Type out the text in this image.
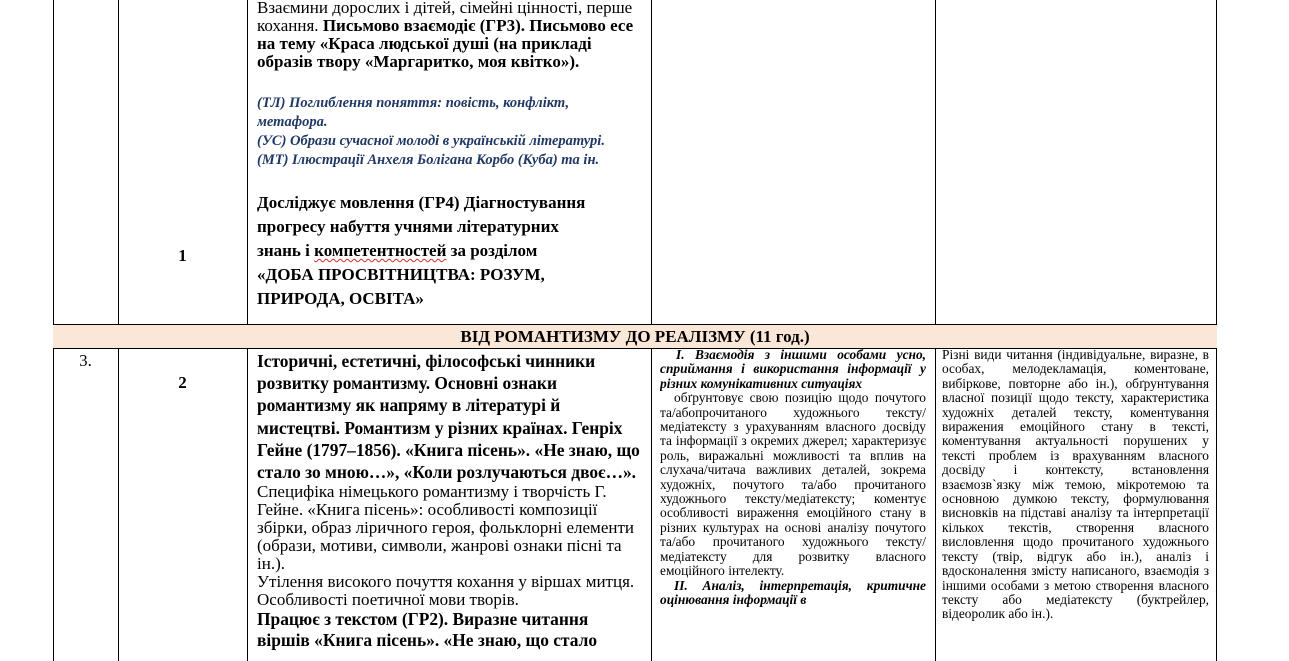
1

Взаємини дорослих і дітей, сімейні цінності, перше кохання. Письмово взаємодіє (ГР3). Письмово есе на тему «Краса людської душі (на прикладі образів твору «Маргаритко, моя квітко»).

(ТЛ) Поглиблення поняття: повість, конфлікт,

метафора.

(УС) Образи сучасної молоді в українській літературі.

(МТ) Ілюстрації Анхеля Болігана Корбо (Куба) та ін.

Досліджує мовлення (ГР4) Діагностування
прогресу набуття учнями літературних
знань і компетентностей за розділом
«ДОБА ПРОСВІТНИЦТВА: РОЗУМ,
ПРИРОДА, ОСВІТА»
ВІД РОМАНТИЗМУ ДО РЕАЛІЗМУ (11 год.)
3.
2

Історичні, естетичні, філософські чинники розвитку романтизму. Основні ознаки романтизму як напряму в літературі й мистецтві. Романтизм у різних країнах. Генріх Гейне (1797–1856). «Книга пісень». «Не знаю, що стало зо мною…», «Коли розлучаються двоє…».

Специфіка німецького романтизму і творчість Г. Гейне. «Книга пісень»: особливості композиції збірки, образ ліричного героя, фольклорні елементи (образи, мотиви, символи, жанрові ознаки пісні та ін.).

Утілення високого почуття кохання у віршах митця. Особливості поетичної мови творів.

Працює з текстом (ГР2). Виразне читання віршів «Книга пісень». «Не знаю, що стало

І. Взаємодія з іншими особами усно, сприймання і використання інформації у різних комунікативних ситуаціях

обґрунтовує свою позицію щодо почутого та/абопрочитаного художнього тексту/медіатексту з урахуванням власного досвіду та інформації з окремих джерел; характеризує роль, виражальні можливості та вплив на слухача/читача важливих деталей, зокрема художніх, почутого та/або прочитаного художнього тексту/медіатексту; коментує особливості вираження емоційного стану в різних культурах на основі аналізу почутого та/або прочитаного художнього тексту/медіатексту для розвитку власного емоційного інтелекту.

ІІ. Аналіз, інтерпретація, критичне оцінювання інформації в

Різні види читання (індивідуальне, виразне, в особах, мелодекламація, коментоване, вибіркове, повторне або ін.), обґрунтування власної позиції щодо тексту, характеристика художніх деталей тексту, коментування виражения емоційного стану в тексті, коментування актуальності порушених у тексті проблем із врахуванням власного досвіду і контексту, встановлення взаємозв`язку між темою, мікротемою та основною думкою тексту, формулювання висновків на підставі аналізу та інтерпретації кількох текстів, створення власного висловлення щодо прочитаного художнього тексту (твір, відгук або ін.), аналіз і вдосконалення змісту написаного, взаємодія з іншими особами з метою створення власного тексту або медіатексту (буктрейлер, відеоролик або ін.).
